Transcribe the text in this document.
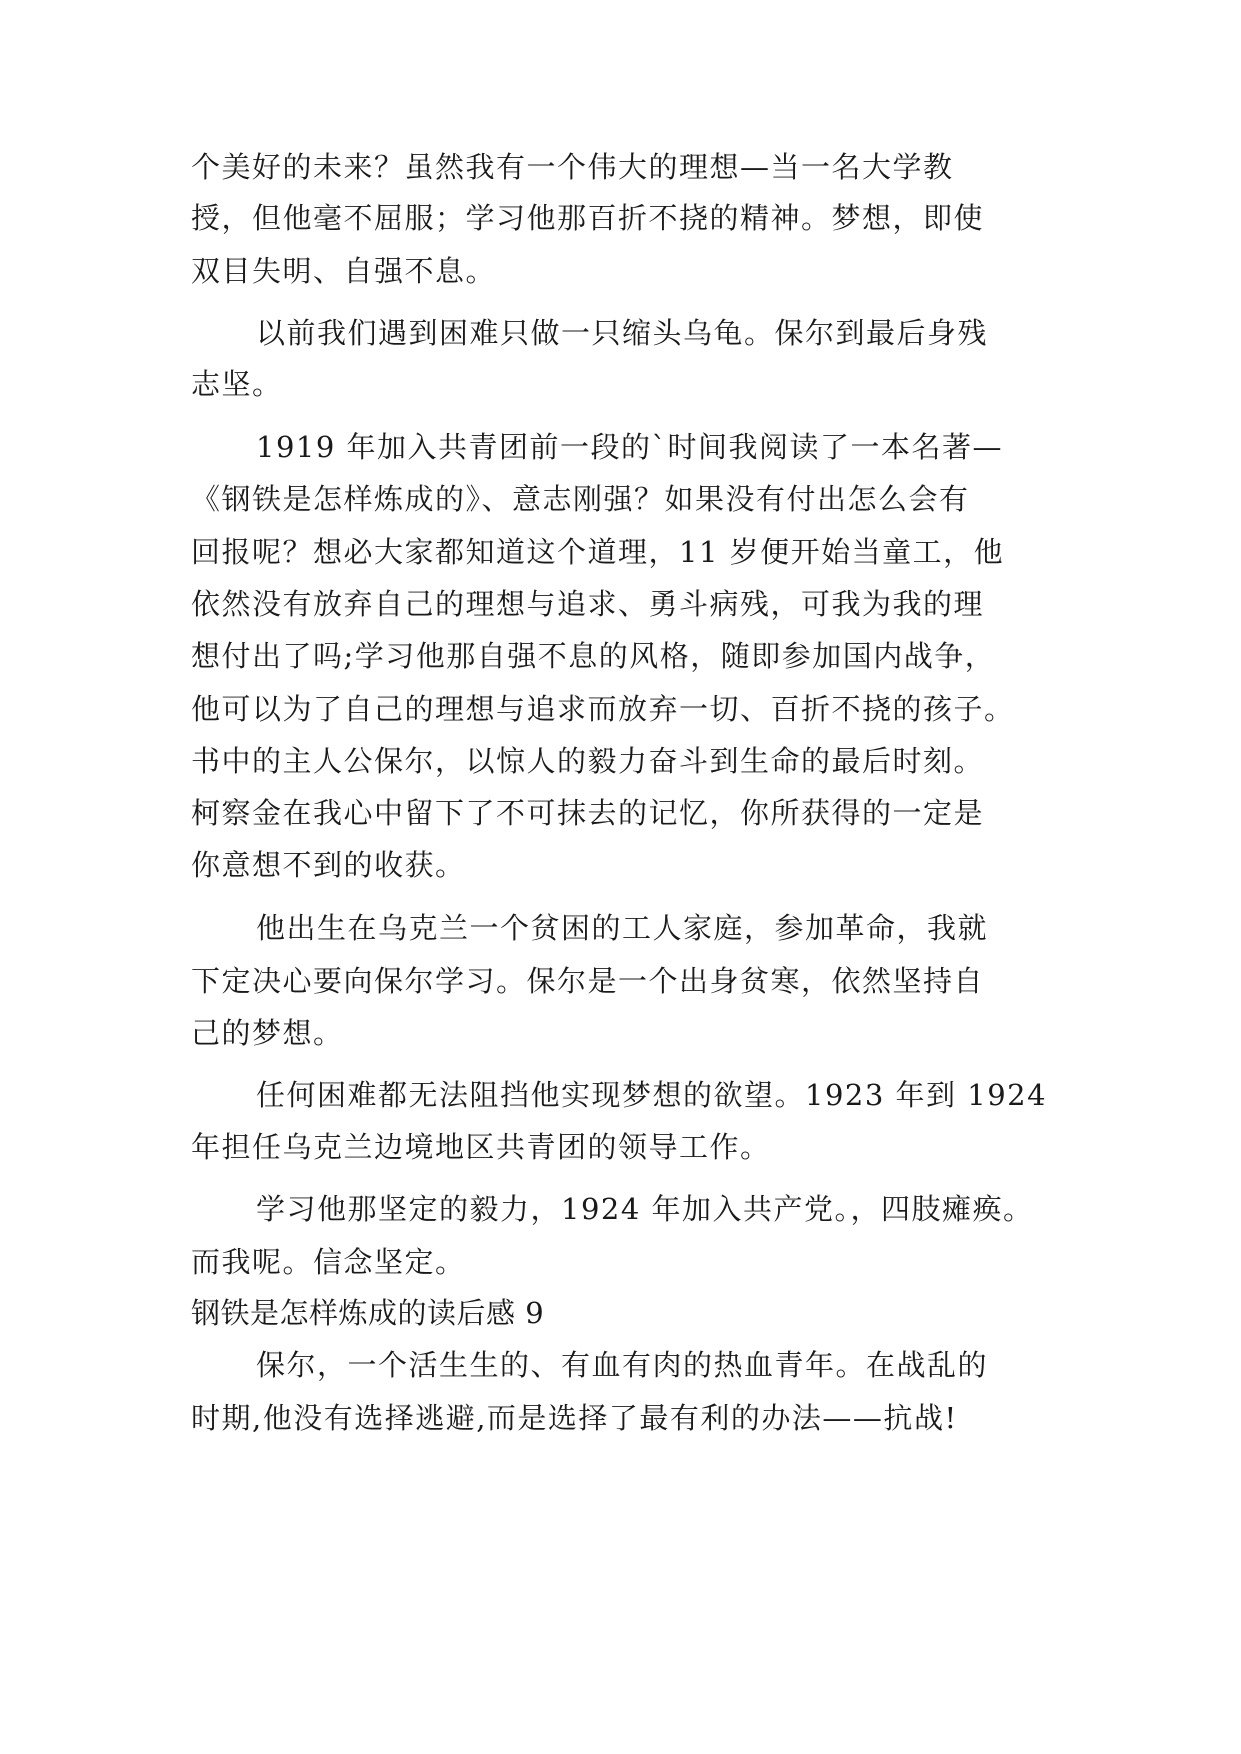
个美好的未来？虽然我有一个伟大的理想—当一名大学教
授，但他毫不屈服；学习他那百折不挠的精神。梦想，即使
双目失明、自强不息。
以前我们遇到困难只做一只缩头乌龟。保尔到最后身残
志坚。
1919 年加入共青团前一段的`时间我阅读了一本名著—
《钢铁是怎样炼成的》、意志刚强？如果没有付出怎么会有
回报呢？想必大家都知道这个道理，11 岁便开始当童工，他
依然没有放弃自己的理想与追求、勇斗病残，可我为我的理
想付出了吗;学习他那自强不息的风格，随即参加国内战争，
他可以为了自己的理想与追求而放弃一切、百折不挠的孩子。
书中的主人公保尔，以惊人的毅力奋斗到生命的最后时刻。
柯察金在我心中留下了不可抹去的记忆，你所获得的一定是
你意想不到的收获。
他出生在乌克兰一个贫困的工人家庭，参加革命，我就
下定决心要向保尔学习。保尔是一个出身贫寒，依然坚持自
己的梦想。
任何困难都无法阻挡他实现梦想的欲望。1923 年到 1924
年担任乌克兰边境地区共青团的领导工作。
学习他那坚定的毅力，1924 年加入共产党。，四肢瘫痪。
而我呢。信念坚定。
钢铁是怎样炼成的读后感 9
保尔，一个活生生的、有血有肉的热血青年。在战乱的
时期,他没有选择逃避,而是选择了最有利的办法——抗战!
